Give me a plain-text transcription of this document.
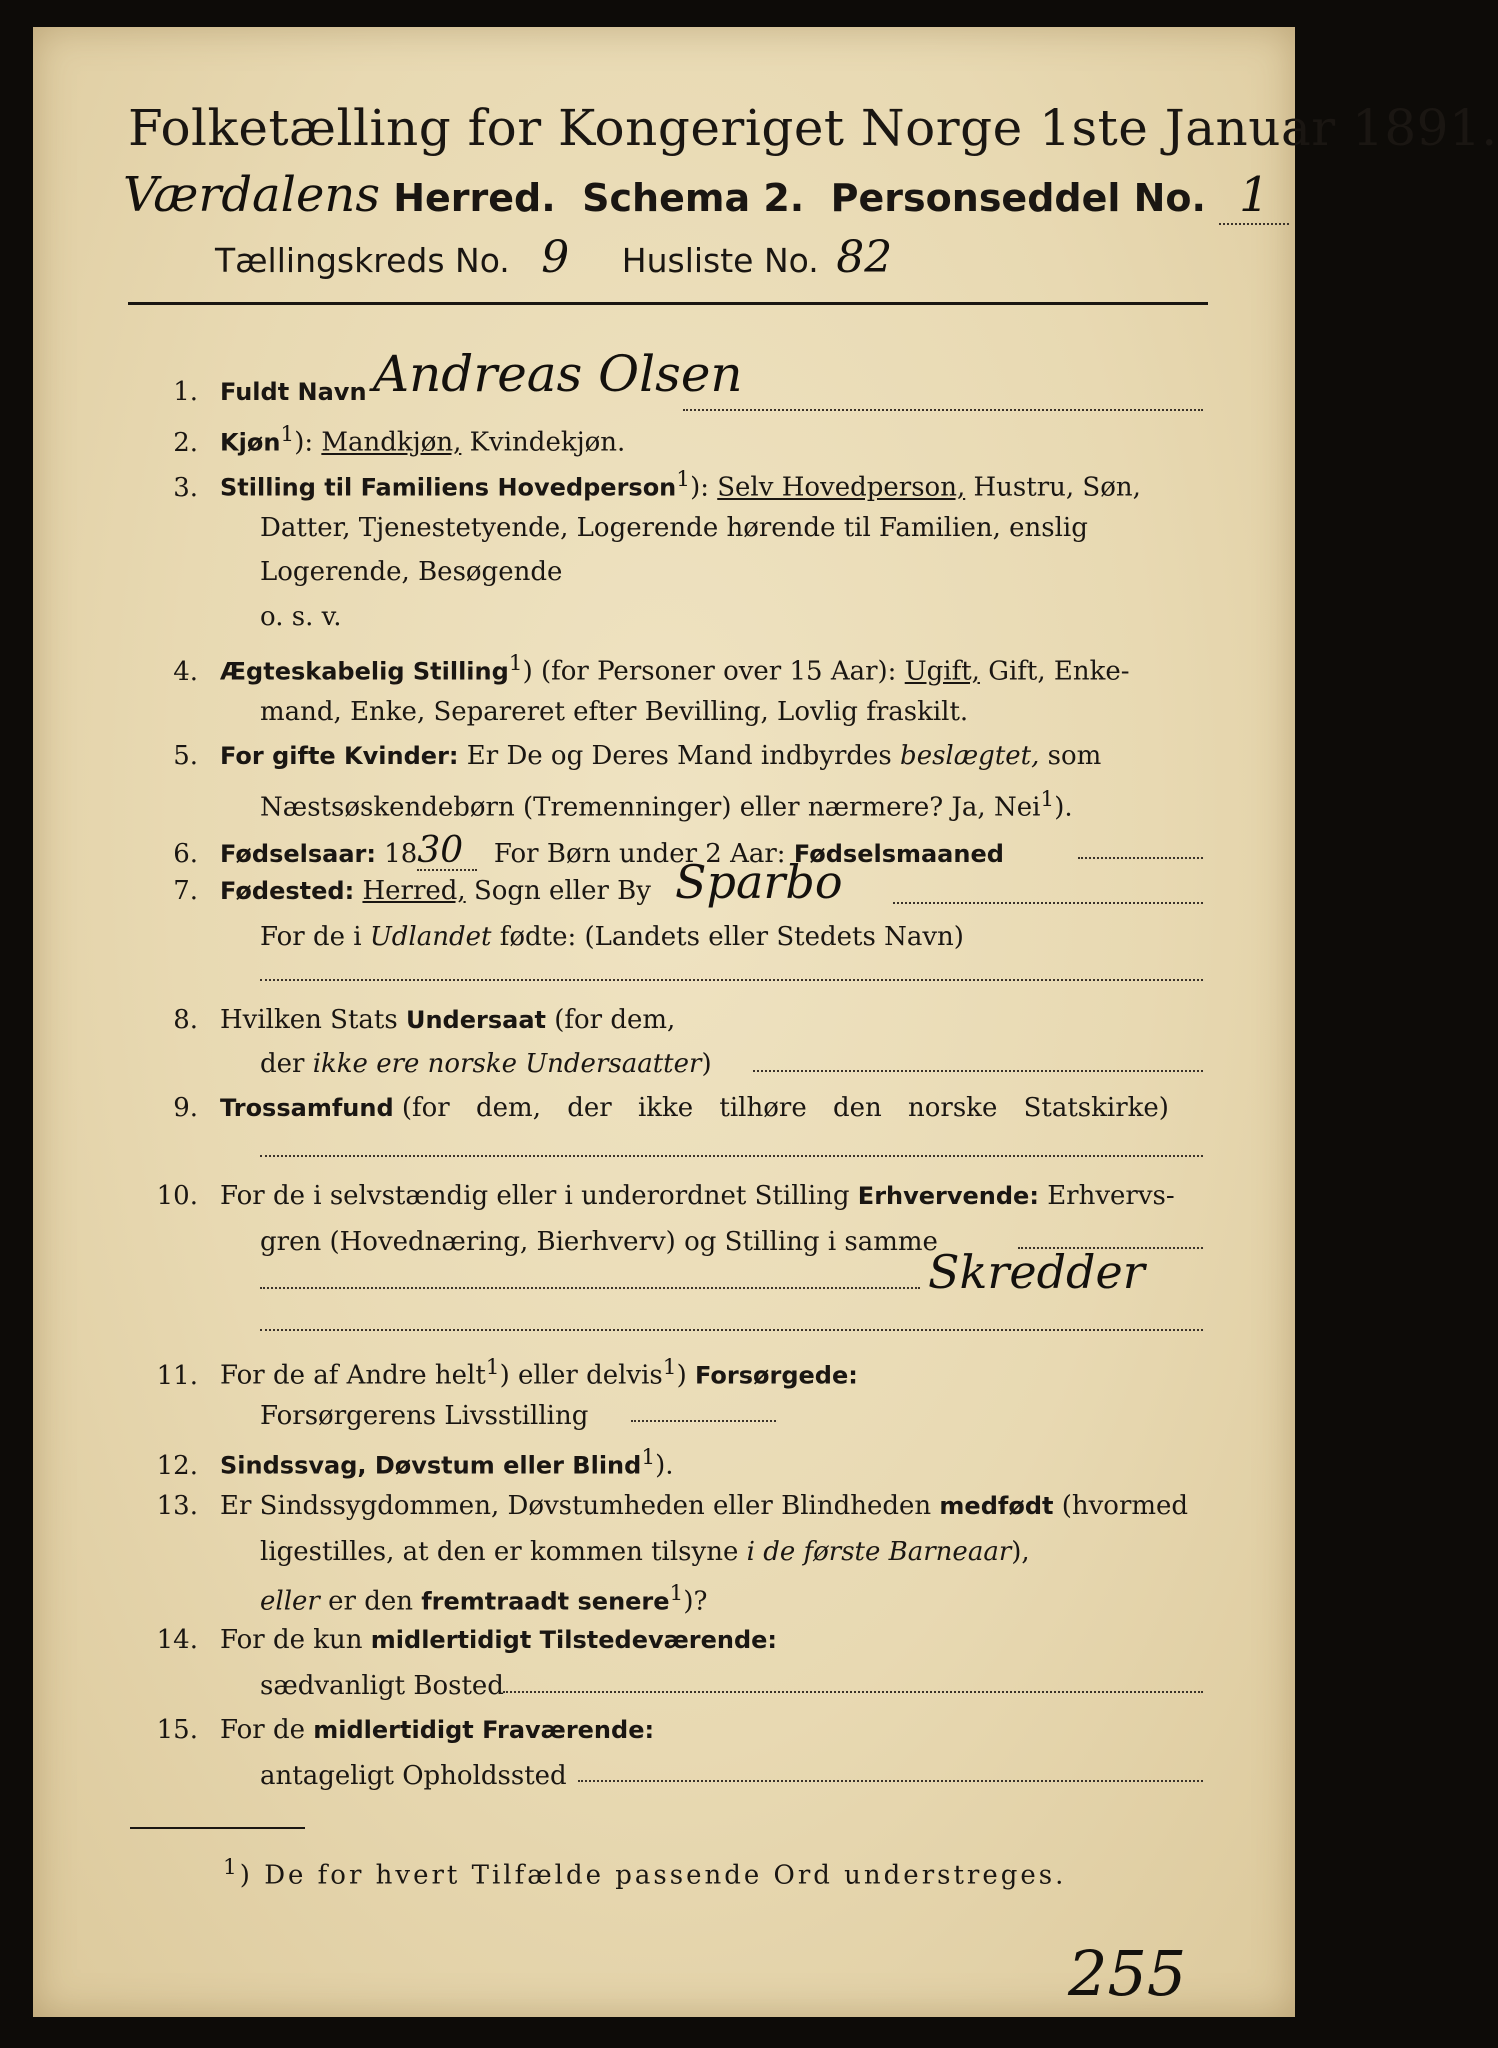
Folketælling for Kongeriget Norge 1ste Januar 1891.
Værdalens Herred. Schema 2. Personseddel No. 1
Tællingskreds No. 9 Husliste No. 82
1. Fuldt Navn Andreas Olsen
2. Kjøn$^1$): Mandkjøn, Kvindekjøn.
3. Stilling til Familiens Hovedperson$^1$): Selv Hovedperson, Hustru, Søn,
Datter, Tjenestetyende, Logerende hørende til Familien, enslig
Logerende, Besøgende
o. s. v.
4. Ægteskabelig Stilling$^1$) (for Personer over 15 Aar): Ugift, Gift, Enke-
mand, Enke, Separeret efter Bevilling, Lovlig fraskilt.
5. For gifte Kvinder: Er De og Deres Mand indbyrdes beslægtet, som
Næstsøskendebørn (Tremenninger) eller nærmere? Ja, Nei$^1$).
6. Fødselsaar: 1830 For Børn under 2 Aar: Fødselsmaaned
7. Fødested: Herred, Sogn eller By Sparbo
For de i Udlandet fødte: (Landets eller Stedets Navn)
8. Hvilken Stats Undersaat (for dem,
der ikke ere norske Undersaatter)
9. Trossamfund (for dem, der ikke tilhøre den norske Statskirke)
10. For de i selvstændig eller i underordnet Stilling Erhvervende: Erhvervs-
gren (Hovednæring, Bierhverv) og Stilling i samme
Skredder
11. For de af Andre helt$^1$) eller delvis$^1$) Forsørgede:
Forsørgerens Livsstilling
12. Sindssvag, Døvstum eller Blind$^1$).
13. Er Sindssygdommen, Døvstumheden eller Blindheden medfødt (hvormed
ligestilles, at den er kommen tilsyne i de første Barneaar),
eller er den fremtraadt senere$^1$)?
14. For de kun midlertidigt Tilstedeværende:
sædvanligt Bosted
15. For de midlertidigt Fraværende:
antageligt Opholdssted
$^1$) De for hvert Tilfælde passende Ord understreges.
255
